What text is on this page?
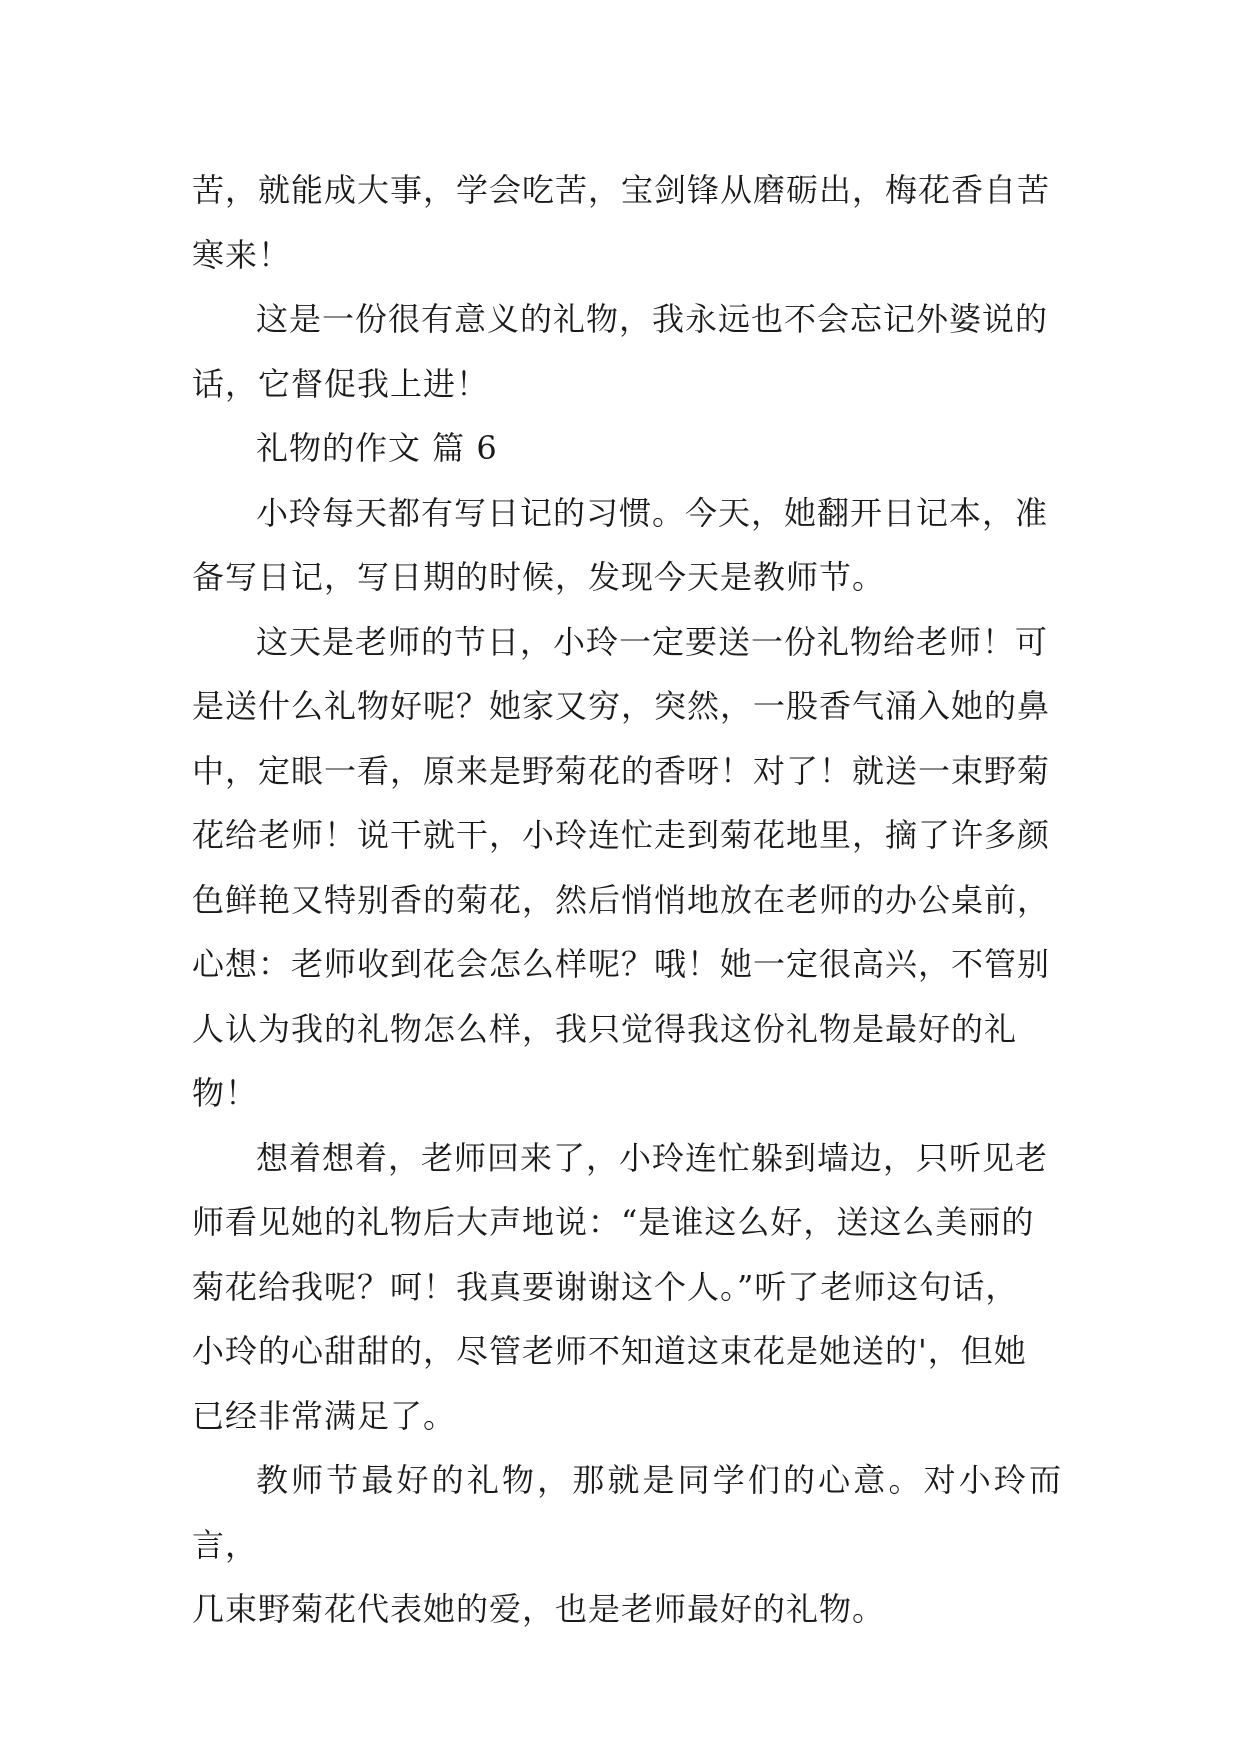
苦，就能成大事，学会吃苦，宝剑锋从磨砺出，梅花香自苦
寒来！

这是一份很有意义的礼物，我永远也不会忘记外婆说的
话，它督促我上进！

礼物的作文 篇 6

小玲每天都有写日记的习惯。今天，她翻开日记本，准
备写日记，写日期的时候，发现今天是教师节。

这天是老师的节日，小玲一定要送一份礼物给老师！可
是送什么礼物好呢？她家又穷，突然，一股香气涌入她的鼻
中，定眼一看，原来是野菊花的香呀！对了！就送一束野菊
花给老师！说干就干，小玲连忙走到菊花地里，摘了许多颜
色鲜艳又特别香的菊花，然后悄悄地放在老师的办公桌前，
心想：老师收到花会怎么样呢？哦！她一定很高兴，不管别
人认为我的礼物怎么样，我只觉得我这份礼物是最好的礼
物！

想着想着，老师回来了，小玲连忙躲到墙边，只听见老
师看见她的礼物后大声地说：“是谁这么好，送这么美丽的
菊花给我呢？呵！我真要谢谢这个人。”听了老师这句话，
小玲的心甜甜的，尽管老师不知道这束花是她送的'，但她
已经非常满足了。

教师节最好的礼物，那就是同学们的心意。对小玲而言，
几束野菊花代表她的爱，也是老师最好的礼物。
